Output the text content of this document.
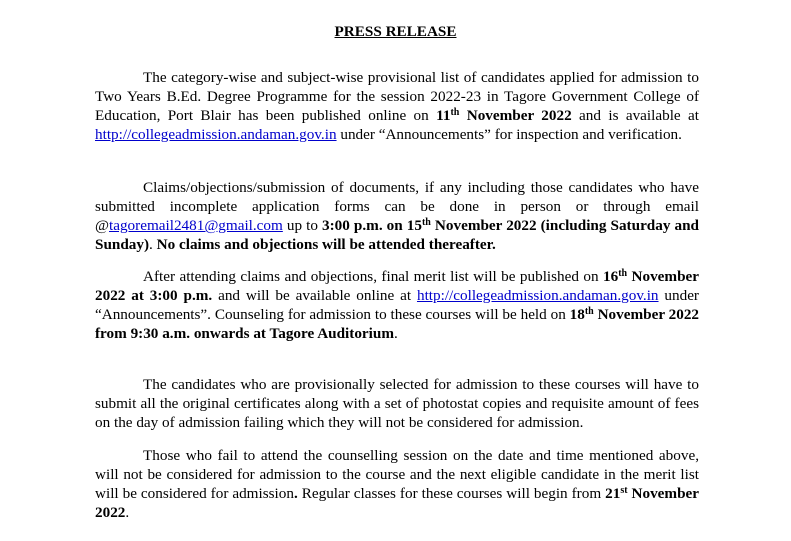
PRESS RELEASE

The category-wise and subject-wise provisional list of candidates applied for admission to Two Years B.Ed. Degree Programme for the session 2022-23 in Tagore Government College of Education, Port Blair has been published online on 11th November 2022 and is available at http://collegeadmission.andaman.gov.in under “Announcements” for inspection and verification.

Claims/objections/submission of documents, if any including those candidates who have submitted incomplete application forms can be done in person or through email @tagoremail2481@gmail.com up to 3:00 p.m. on 15th November 2022 (including Saturday and Sunday). No claims and objections will be attended thereafter.

After attending claims and objections, final merit list will be published on 16th November 2022 at 3:00 p.m. and will be available online at http://collegeadmission.andaman.gov.in under “Announcements”. Counseling for admission to these courses will be held on 18th November 2022 from 9:30 a.m. onwards at Tagore Auditorium.

The candidates who are provisionally selected for admission to these courses will have to submit all the original certificates along with a set of photostat copies and requisite amount of fees on the day of admission failing which they will not be considered for admission.

Those who fail to attend the counselling session on the date and time mentioned above, will not be considered for admission to the course and the next eligible candidate in the merit list will be considered for admission. Regular classes for these courses will begin from 21st November 2022.
